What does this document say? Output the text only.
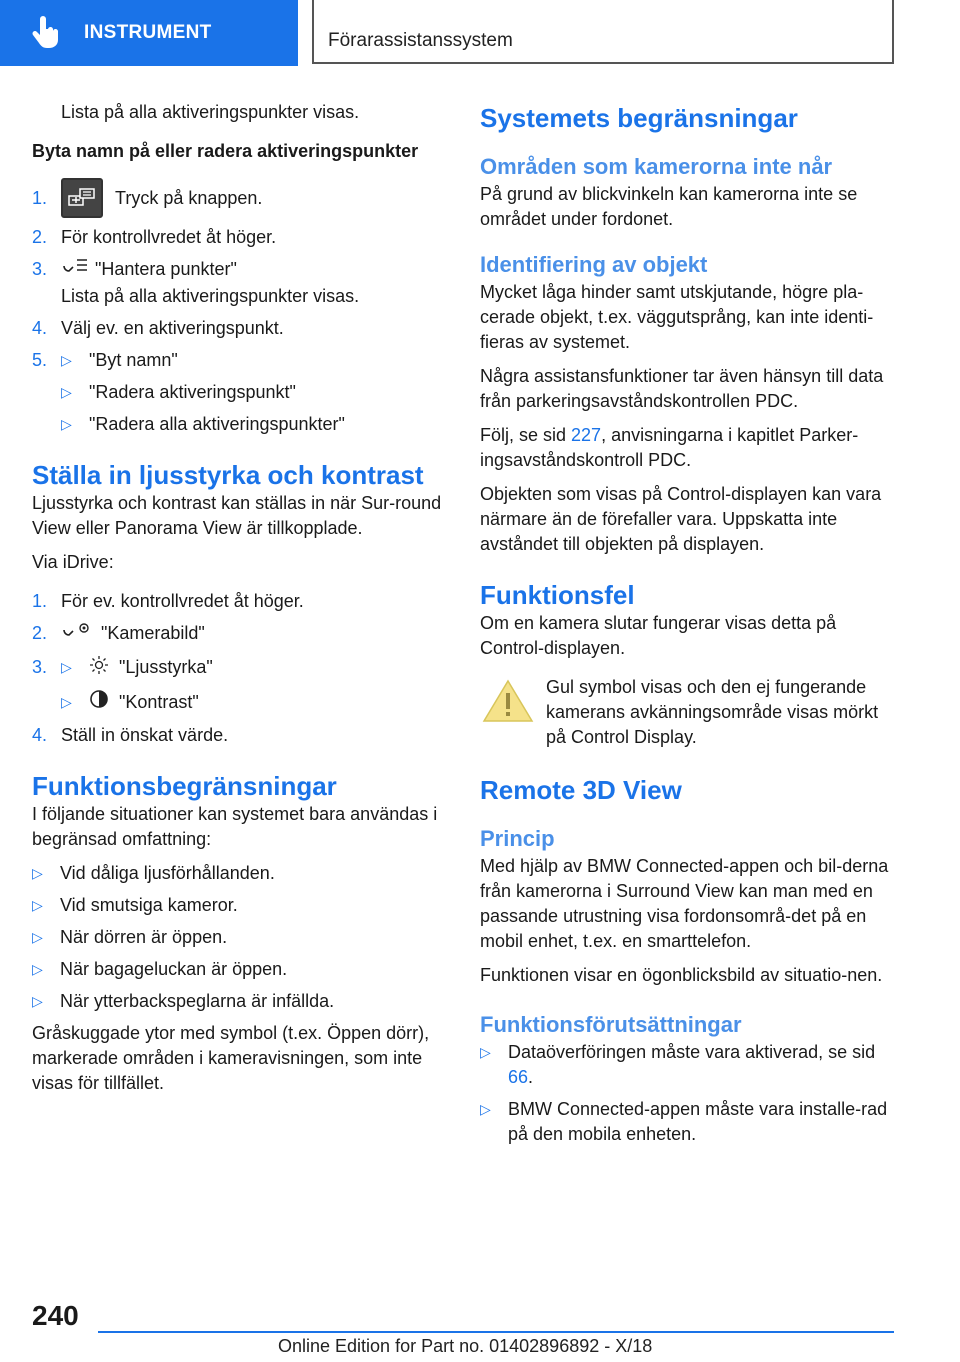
INSTRUMENT	Förarassistanssystem

Lista på alla aktiveringspunkter visas.

Byta namn på eller radera aktiveringspunkter

1.	Tryck på knappen.
2. För kontrollvredet åt höger.
3.	"Hantera punkter"

Lista på alla aktiveringspunkter visas.

4. Välj ev. en aktiveringspunkt.
5. ▷ "Byt namn"
▷ "Radera aktiveringspunkt"
▷ "Radera alla aktiveringspunkter"
Ställa in ljusstyrka och kontrast

Ljusstyrka och kontrast kan ställas in när Sur-round View eller Panorama View är tillkopplade.

Via iDrive:

1. För ev. kontrollvredet åt höger.
2.	"Kamerabild"
3. ▷	"Ljusstyrka"
▷	"Kontrast"
4. Ställ in önskat värde.
Funktionsbegränsningar

I följande situationer kan systemet bara användas i begränsad omfattning:

▷ Vid dåliga ljusförhållanden.
▷ Vid smutsiga kameror.
▷ När dörren är öppen.
▷ När bagageluckan är öppen.
▷ När ytterbackspeglarna är infällda.

Gråskuggade ytor med symbol (t.ex. Öppen dörr), markerade områden i kameravisningen, som inte visas för tillfället.

Systemets begränsningar
Områden som kamerorna inte når

På grund av blickvinkeln kan kamerorna inte se området under fordonet.

Identifiering av objekt

Mycket låga hinder samt utskjutande, högre pla-cerade objekt, t.ex. väggutsprång, kan inte identi-fieras av systemet.

Några assistansfunktioner tar även hänsyn till data från parkeringsavståndskontrollen PDC.

Följ, se sid 227, anvisningarna i kapitlet Parker-ingsavståndskontroll PDC.

Objekten som visas på Control-displayen kan vara närmare än de förefaller vara. Uppskatta inte avståndet till objekten på displayen.

Funktionsfel

Om en kamera slutar fungerar visas detta på Control-displayen.

Gul symbol visas och den ej fungerande kamerans avkänningsområde visas mörkt på Control Display.

Remote 3D View
Princip

Med hjälp av BMW Connected-appen och bil-derna från kamerorna i Surround View kan man med en passande utrustning visa fordonsområ-det på en mobil enhet, t.ex. en smarttelefon.

Funktionen visar en ögonblicksbild av situatio-nen.

Funktionsförutsättningar
▷ Dataöverföringen måste vara aktiverad, se sid 66.
▷ BMW Connected-appen måste vara installe-rad på den mobila enheten.
240
Online Edition for Part no. 01402896892 - X/18
